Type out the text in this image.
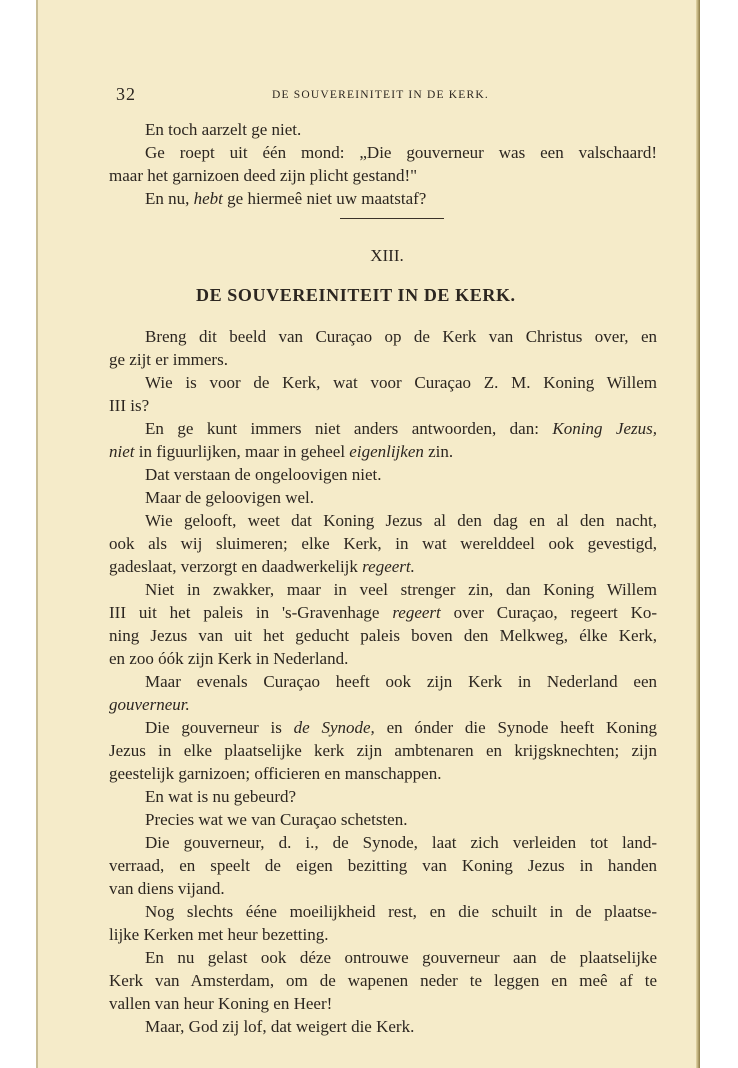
32	DE SOUVEREINITEIT IN DE KERK.
En toch aarzelt ge niet.
Ge roept uit één mond: „Die gouverneur was een valschaard!
maar het garnizoen deed zijn plicht gestand!"
En nu, hebt ge hiermeê niet uw maatstaf?
XIII.
DE SOUVEREINITEIT IN DE KERK.
Breng dit beeld van Curaçao op de Kerk van Christus over, en
ge zijt er immers.
Wie is voor de Kerk, wat voor Curaçao Z. M. Koning Willem
III is?
En ge kunt immers niet anders antwoorden, dan: Koning Jezus,
niet in figuurlijken, maar in geheel eigenlijken zin.
Dat verstaan de ongeloovigen niet.
Maar de geloovigen wel.
Wie gelooft, weet dat Koning Jezus al den dag en al den nacht,
ook als wij sluimeren; elke Kerk, in wat werelddeel ook gevestigd,
gadeslaat, verzorgt en daadwerkelijk regeert.
Niet in zwakker, maar in veel strenger zin, dan Koning Willem
III uit het paleis in 's-Gravenhage regeert over Curaçao, regeert Ko-
ning Jezus van uit het geducht paleis boven den Melkweg, élke Kerk,
en zoo óók zijn Kerk in Nederland.
Maar evenals Curaçao heeft ook zijn Kerk in Nederland een
gouverneur.
Die gouverneur is de Synode, en ónder die Synode heeft Koning
Jezus in elke plaatselijke kerk zijn ambtenaren en krijgsknechten; zijn
geestelijk garnizoen; officieren en manschappen.
En wat is nu gebeurd?
Precies wat we van Curaçao schetsten.
Die gouverneur, d. i., de Synode, laat zich verleiden tot land-
verraad, en speelt de eigen bezitting van Koning Jezus in handen
van diens vijand.
Nog slechts ééne moeilijkheid rest, en die schuilt in de plaatse-
lijke Kerken met heur bezetting.
En nu gelast ook déze ontrouwe gouverneur aan de plaatselijke
Kerk van Amsterdam, om de wapenen neder te leggen en meê af te
vallen van heur Koning en Heer!
Maar, God zij lof, dat weigert die Kerk.
